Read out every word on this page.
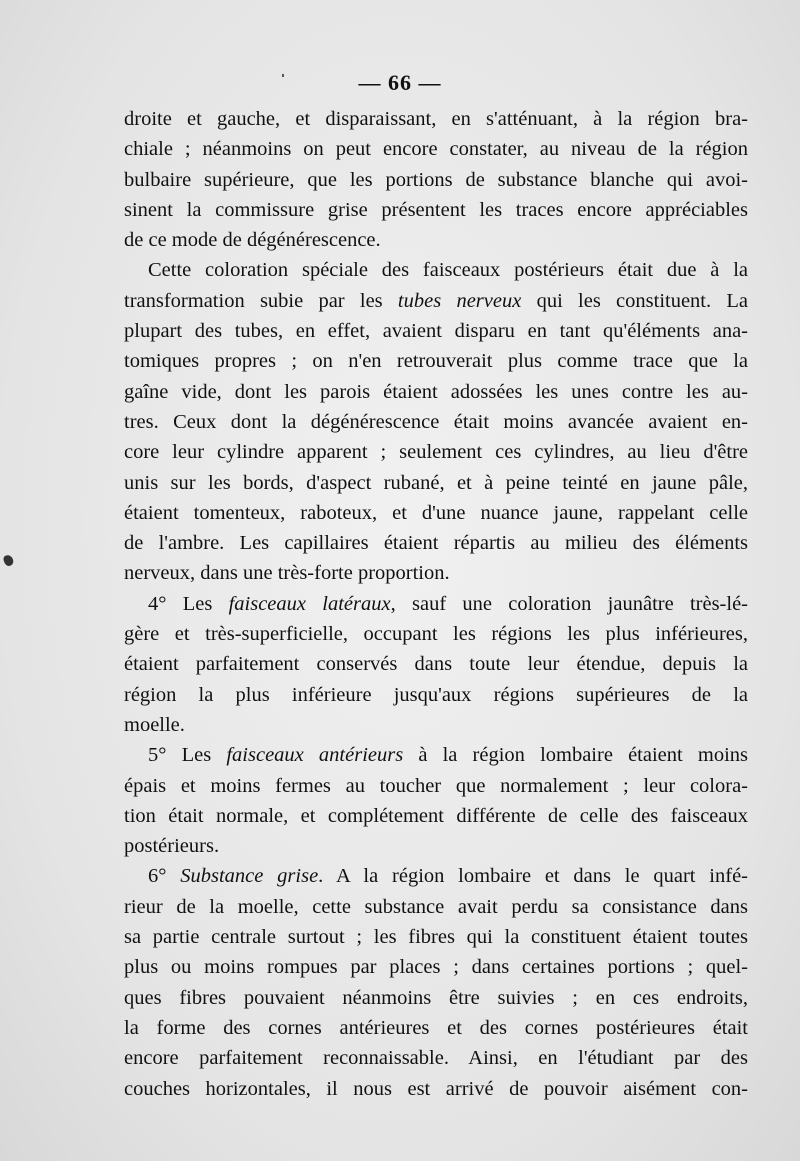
— 66 —
droite et gauche, et disparaissant, en s'atténuant, à la région bra-
chiale ; néanmoins on peut encore constater, au niveau de la région
bulbaire supérieure, que les portions de substance blanche qui avoi-
sinent la commissure grise présentent les traces encore appréciables
de ce mode de dégénérescence.
Cette coloration spéciale des faisceaux postérieurs était due à la
transformation subie par les tubes nerveux qui les constituent. La
plupart des tubes, en effet, avaient disparu en tant qu'éléments ana-
tomiques propres ; on n'en retrouverait plus comme trace que la
gaîne vide, dont les parois étaient adossées les unes contre les au-
tres. Ceux dont la dégénérescence était moins avancée avaient en-
core leur cylindre apparent ; seulement ces cylindres, au lieu d'être
unis sur les bords, d'aspect rubané, et à peine teinté en jaune pâle,
étaient tomenteux, raboteux, et d'une nuance jaune, rappelant celle
de l'ambre. Les capillaires étaient répartis au milieu des éléments
nerveux, dans une très-forte proportion.
4° Les faisceaux latéraux, sauf une coloration jaunâtre très-lé-
gère et très-superficielle, occupant les régions les plus inférieures,
étaient parfaitement conservés dans toute leur étendue, depuis la
région la plus inférieure jusqu'aux régions supérieures de la
moelle.
5° Les faisceaux antérieurs à la région lombaire étaient moins
épais et moins fermes au toucher que normalement ; leur colora-
tion était normale, et complétement différente de celle des faisceaux
postérieurs.
6° Substance grise. A la région lombaire et dans le quart infé-
rieur de la moelle, cette substance avait perdu sa consistance dans
sa partie centrale surtout ; les fibres qui la constituent étaient toutes
plus ou moins rompues par places ; dans certaines portions ; quel-
ques fibres pouvaient néanmoins être suivies ; en ces endroits,
la forme des cornes antérieures et des cornes postérieures était
encore parfaitement reconnaissable. Ainsi, en l'étudiant par des
couches horizontales, il nous est arrivé de pouvoir aisément con-
